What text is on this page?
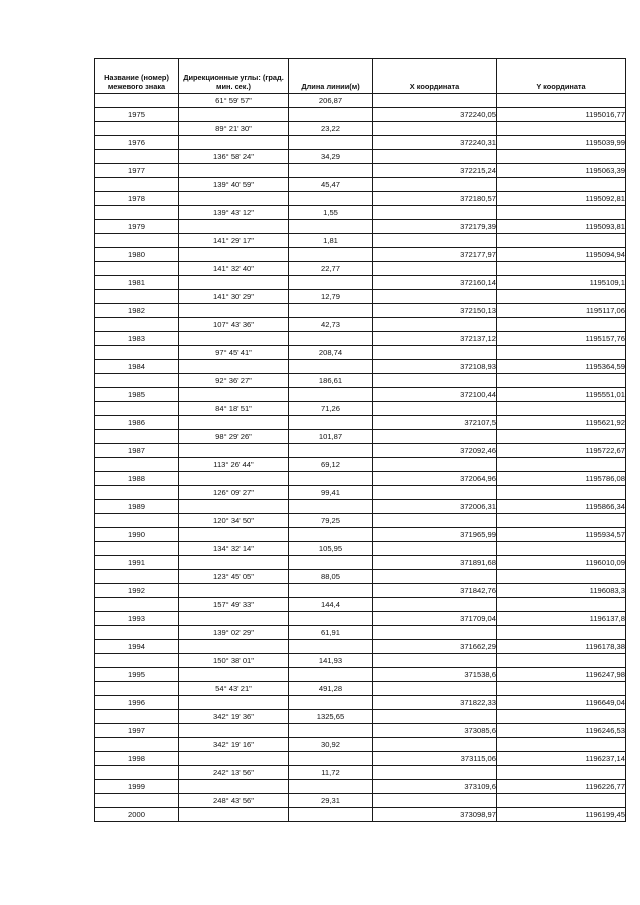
Название (номер) межевого знака	Дирекционные углы: (град. мин. сек.)	Длина линии(м)	X координата	Y координата
	61° 59' 57"	206,87		
1975			372240,05	1195016,77
	89° 21' 30"	23,22		
1976			372240,31	1195039,99
	136° 58' 24"	34,29		
1977			372215,24	1195063,39
	139° 40' 59"	45,47		
1978			372180,57	1195092,81
	139° 43' 12"	1,55		
1979			372179,39	1195093,81
	141° 29' 17"	1,81		
1980			372177,97	1195094,94
	141° 32' 40"	22,77		
1981			372160,14	1195109,1
	141° 30' 29"	12,79		
1982			372150,13	1195117,06
	107° 43' 36"	42,73		
1983			372137,12	1195157,76
	97° 45' 41"	208,74		
1984			372108,93	1195364,59
	92° 36' 27"	186,61		
1985			372100,44	1195551,01
	84° 18' 51"	71,26		
1986			372107,5	1195621,92
	98° 29' 26"	101,87		
1987			372092,46	1195722,67
	113° 26' 44"	69,12		
1988			372064,96	1195786,08
	126° 09' 27"	99,41		
1989			372006,31	1195866,34
	120° 34' 50"	79,25		
1990			371965,99	1195934,57
	134° 32' 14"	105,95		
1991			371891,68	1196010,09
	123° 45' 05"	88,05		
1992			371842,76	1196083,3
	157° 49' 33"	144,4		
1993			371709,04	1196137,8
	139° 02' 29"	61,91		
1994			371662,29	1196178,38
	150° 38' 01"	141,93		
1995			371538,6	1196247,98
	54° 43' 21"	491,28		
1996			371822,33	1196649,04
	342° 19' 36"	1325,65		
1997			373085,6	1196246,53
	342° 19' 16"	30,92		
1998			373115,06	1196237,14
	242° 13' 56"	11,72		
1999			373109,6	1196226,77
	248° 43' 56"	29,31		
2000			373098,97	1196199,45
